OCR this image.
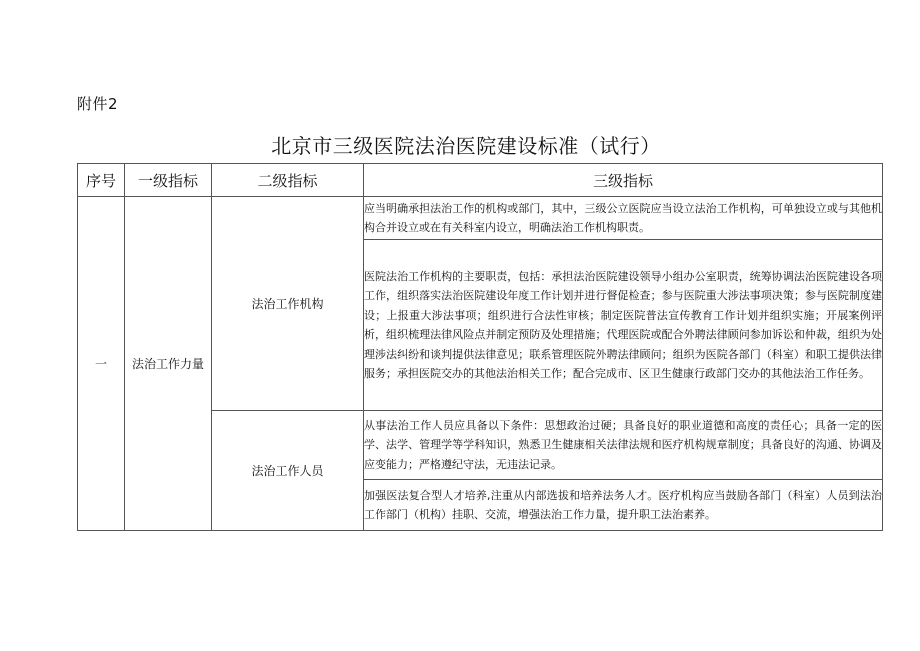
附件2
北京市三级医院法治医院建设标准（试行）
序号	一级指标	二级指标	三级指标
一	法治工作力量	法治工作机构	应当明确承担法治工作的机构或部门，其中，三级公立医院应当设立法治工作机构，可单独设立或与其他机构合并设立或在有关科室内设立，明确法治工作机构职责。
			医院法治工作机构的主要职责，包括：承担法治医院建设领导小组办公室职责，统筹协调法治医院建设各项工作，组织落实法治医院建设年度工作计划并进行督促检查；参与医院重大涉法事项决策；参与医院制度建设；上报重大涉法事项；组织进行合法性审核；制定医院普法宣传教育工作计划并组织实施；开展案例评析，组织梳理法律风险点并制定预防及处理措施；代理医院或配合外聘法律顾问参加诉讼和仲裁，组织为处理涉法纠纷和谈判提供法律意见；联系管理医院外聘法律顾问；组织为医院各部门（科室）和职工提供法律服务；承担医院交办的其他法治相关工作；配合完成市、区卫生健康行政部门交办的其他法治工作任务。
		法治工作人员	从事法治工作人员应具备以下条件：思想政治过硬；具备良好的职业道德和高度的责任心；具备一定的医学、法学、管理学等学科知识，熟悉卫生健康相关法律法规和医疗机构规章制度；具备良好的沟通、协调及应变能力；严格遵纪守法，无违法记录。
			加强医法复合型人才培养,注重从内部选拔和培养法务人才。医疗机构应当鼓励各部门（科室）人员到法治工作部门（机构）挂职、交流，增强法治工作力量，提升职工法治素养。
